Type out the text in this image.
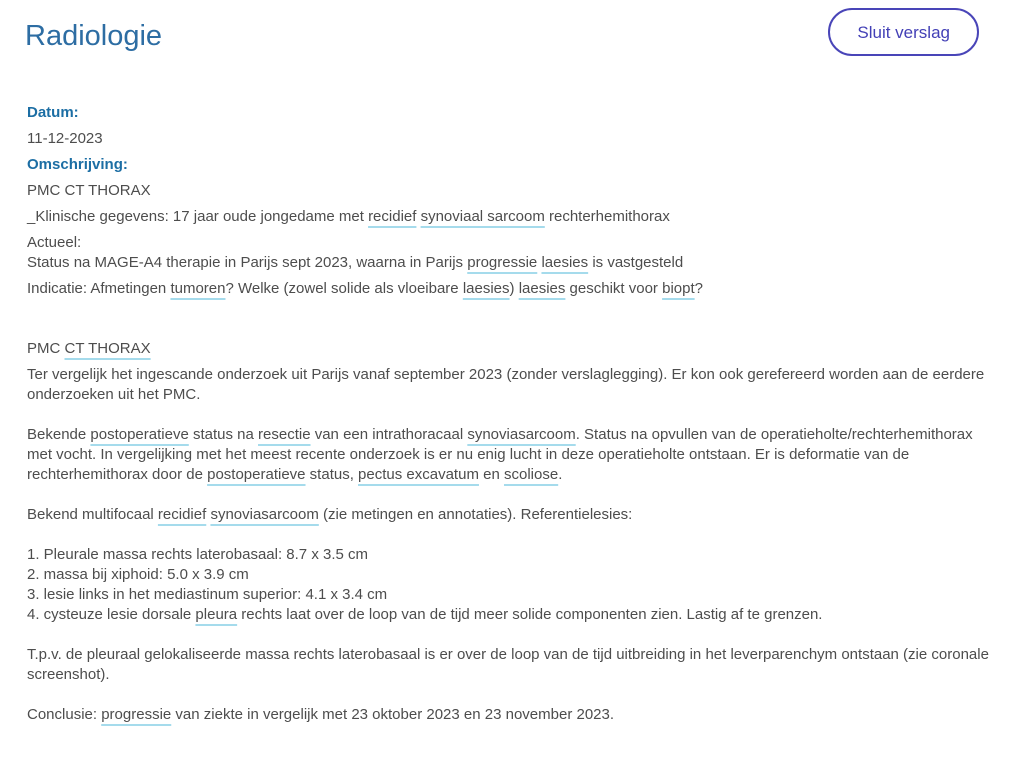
Radiologie	Sluit verslag

Datum:

11-12-2023

Omschrijving:

PMC CT THORAX

_Klinische gegevens: 17 jaar oude jongedame met recidief synoviaal sarcoom rechterhemithorax

Actueel:
Status na MAGE-A4 therapie in Parijs sept 2023, waarna in Parijs progressie laesies is vastgesteld

Indicatie: Afmetingen tumoren? Welke (zowel solide als vloeibare laesies) laesies geschikt voor biopt?

PMC CT THORAX

Ter vergelijk het ingescande onderzoek uit Parijs vanaf september 2023 (zonder verslaglegging). Er kon ook gerefereerd worden aan de eerdere onderzoeken uit het PMC.

Bekende postoperatieve status na resectie van een intrathoracaal synoviasarcoom. Status na opvullen van de operatieholte/rechterhemithorax met vocht. In vergelijking met het meest recente onderzoek is er nu enig lucht in deze operatieholte ontstaan. Er is deformatie van de rechterhemithorax door de postoperatieve status, pectus excavatum en scoliose.

Bekend multifocaal recidief synoviasarcoom (zie metingen en annotaties). Referentielesies:

1. Pleurale massa rechts laterobasaal: 8.7 x 3.5 cm
2. massa bij xiphoid: 5.0 x 3.9 cm
3. lesie links in het mediastinum superior: 4.1 x 3.4 cm
4. cysteuze lesie dorsale pleura rechts laat over de loop van de tijd meer solide componenten zien. Lastig af te grenzen.

T.p.v. de pleuraal gelokaliseerde massa rechts laterobasaal is er over de loop van de tijd uitbreiding in het leverparenchym ontstaan (zie coronale screenshot).

Conclusie: progressie van ziekte in vergelijk met 23 oktober 2023 en 23 november 2023.
